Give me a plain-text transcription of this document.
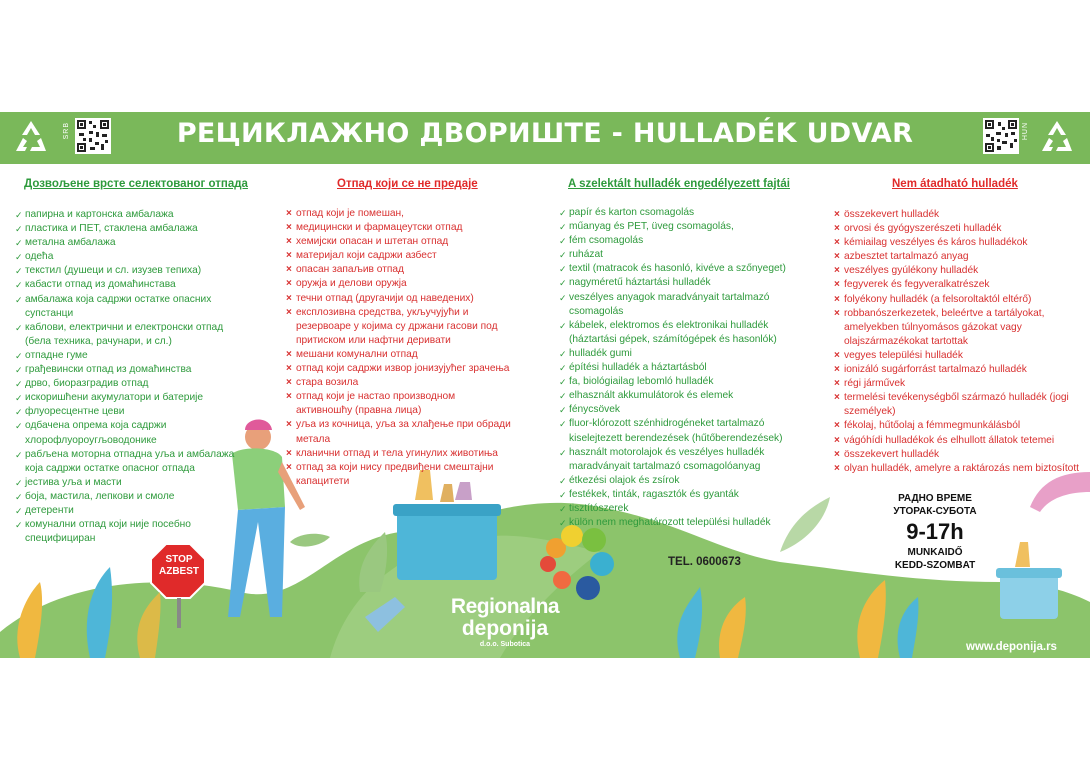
SRB	РЕЦИКЛАЖНО ДВОРИШТЕ - HULLADÉK UDVAR	HUN
Дозвољене врсте селектованог отпада	Отпад који се не предаје	A szelektált hulladék engedélyezett fajtái	Nem átadható hulladék
✓ папирна и картонска амбалажа
✓ пластика и ПЕТ, стаклена амбалажа
✓ метална амбалажа
✓ одећа
✓ текстил (душеци и сл. изузев тепиха)
✓ кабасти отпад из домаћинстава
✓ амбалажа која садржи остатке опасних супстанци
✓ каблови, електрични и електронски отпад (бела техника, рачунари, и сл.)
✓ отпадне гуме
✓ грађевински отпад из домаћинства
✓ дрво, биоразградив отпад
✓ искоришћени акумулатори и батерије
✓ флуоресцентне цеви
✓ одбачена опрема која садржи хлорофлуороугљоводонике
✓ рабљена моторна отпадна уља и амбалажа која садржи остатке опасног отпада
✓ јестива уља и масти
✓ боја, мастила, лепкови и смоле
✓ детеренти
✓ комунални отпад који није посебно специфициран
× отпад који је помешан,
× медицински и фармацеутски отпад
× хемијски опасан и штетан отпад
× материјал који садржи азбест
× опасан запаљив отпад
× оружја и делови оружја
× течни отпад (другачији од наведених)
× експлозивна средства, укључујући и резервоаре у којима су држани гасови под притиском или нафтни деривати
× мешани комунални отпад
× отпад који садржи извор јонизујућег зрачења
× стара возила
× отпад који је настао производном активношћу (правна лица)
× уља из кочница, уља за хлађење при обради метала
× кланични отпад и тела угинулих животиња
× отпад за који нису предвиђени смештајни капацитети
✓ papír és karton csomagolás
✓ műanyag és PET, üveg csomagolás,
✓ fém csomagolás
✓ ruházat
✓ textil (matracok és hasonló, kivéve a szőnyeget)
✓ nagyméretű háztartási hulladék
✓ veszélyes anyagok maradványait tartalmazó csomagolás
✓ kábelek, elektromos és elektronikai hulladék (háztartási gépek, számítógépek és hasonlók)
✓ hulladék gumi
✓ építési hulladék a háztartásból
✓ fa, biológiailag lebomló hulladék
✓ elhasznált akkumulátorok és elemek
✓ fénycsövek
✓ fluor-klórozott szénhidrogéneket tartalmazó kiselejtezett berendezések (hűtőberendezések)
✓ használt motorolajok és veszélyes hulladék maradványait tartalmazó csomagolóanyag
✓ étkezési olajok és zsírok
✓ festékek, tinták, ragasztók és gyanták
✓ tisztítószerek
✓ külön nem meghatározott települési hulladék
× összekevert hulladék
× orvosi és gyógyszerészeti hulladék
× kémiailag veszélyes és káros hulladékok
× azbesztet tartalmazó anyag
× veszélyes gyúlékony hulladék
× fegyverek és fegyveralkatrészek
× folyékony hulladék (a felsoroltaktól eltérő)
× robbanószerkezetek, beleértve a tartályokat, amelyekben túlnyomásos gázokat vagy olajszármazékokat tartottak
× vegyes települési hulladék
× ionizáló sugárforrást tartalmazó hulladék
× régi járművek
× termelési tevékenységből származó hulladék (jogi személyek)
× fékolaj, hűtőolaj a fémmegmunkálásból
× vágóhídi hulladékok és elhullott állatok tetemei
× összekevert hulladék
× olyan hulladék, amelyre a raktározás nem biztosított
STOP
AZBEST
TEL. 0600673
РАДНО ВРЕМЕ
УТОРАК-СУБОТА
9-17h
MUNKAIDŐ
KEDD-SZOMBAT
Regionalna
deponija
d.o.o. Subotica	www.deponija.rs
